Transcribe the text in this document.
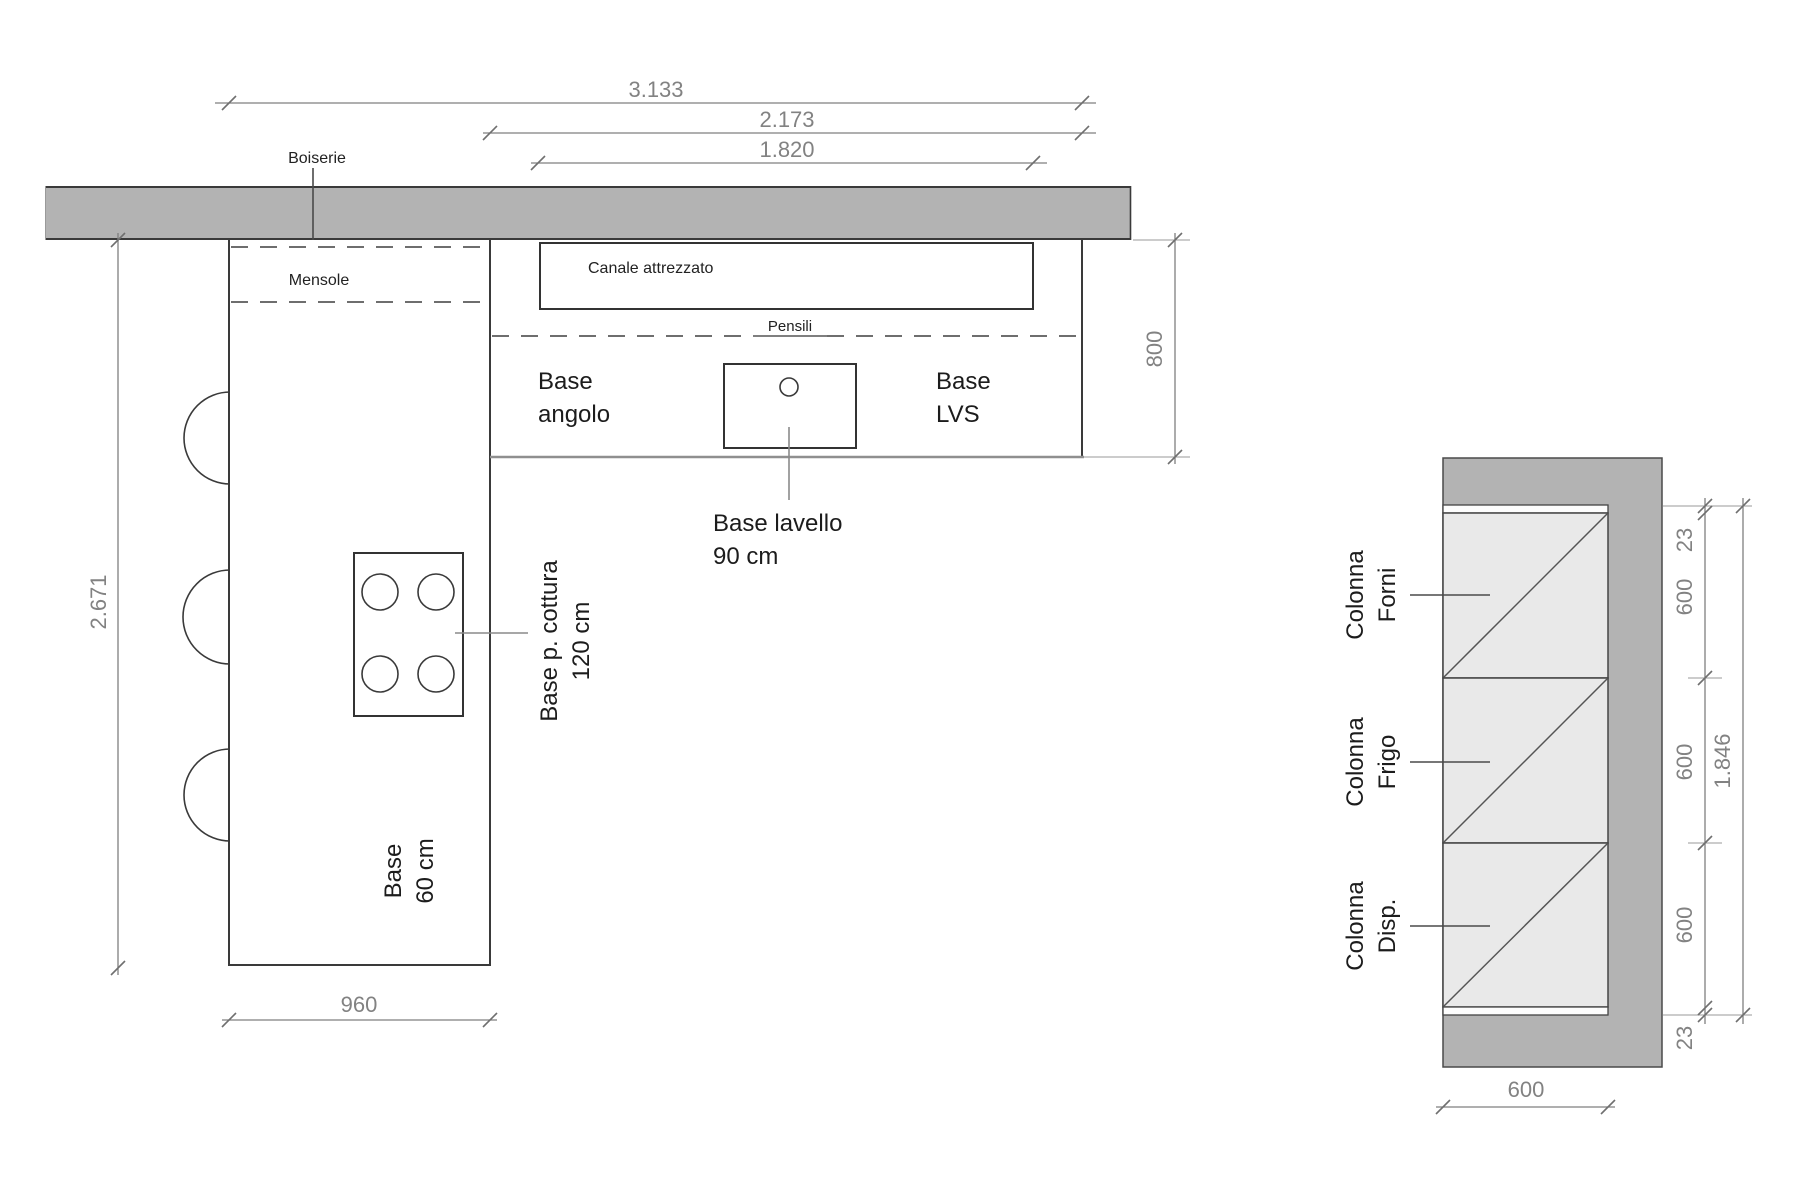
Boiserie
3.133
2.173
1.820
2.671
800
Mensole
Base p. cottura 120 cm
Base 60 cm
960
Canale attrezzato
Pensili
Base
angolo
Base
LVS
Base lavello
90 cm	Colonna Forni
Colonna Frigo
Colonna Disp.
23
600
600
600
23
1.846
600
